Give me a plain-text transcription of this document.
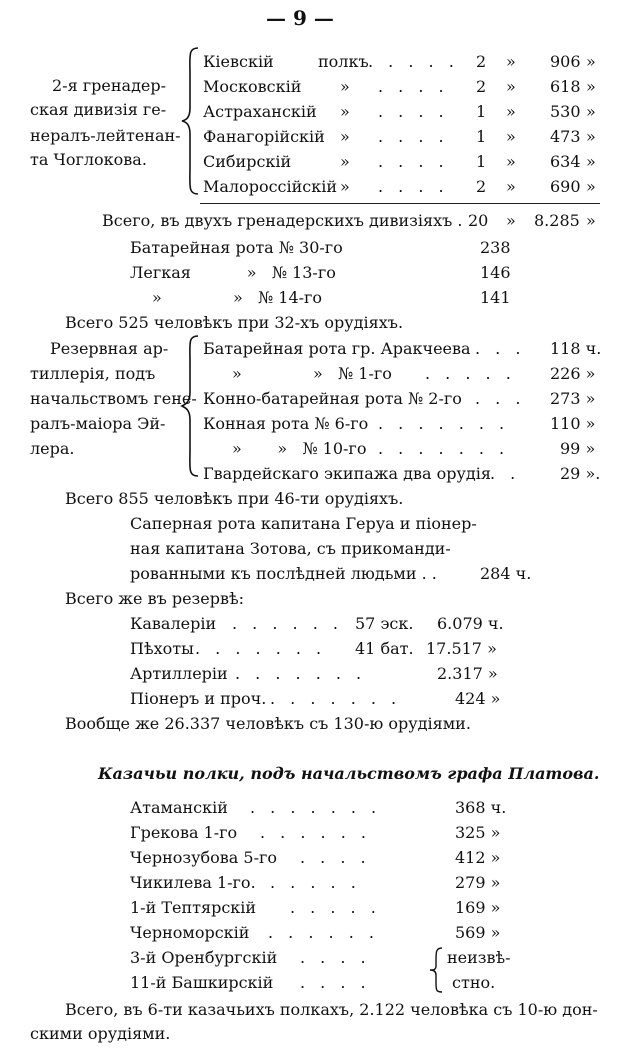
— 9 —
2-я гренадер-
ская дивизія ге-
нералъ-лейтенан-
та Чоглокова.
Кіевскій	полкъ . . . . . 2 » 906 »
Московскій » . . . . 2 » 618 »
Астраханскій » . . . . 1 » 530 »
Фанагорійскій » . . . . 1 » 473 »
Сибирскій	» . . . . 1 » 634 »
Малороссійскій » . . . . 2 » 690 »
Всего, въ двухъ гренадерскихъ дивизіяхъ . 20 » 8.285 »
Батарейная рота № 30-го	238
Легкая           »   № 13-го	146
»              »   № 14-го	141
Всего 525 человѣкъ при 32-хъ орудіяхъ.
Резервная ар-
тиллерія, подъ
начальствомъ гене-
ралъ-маіора Эй-
лера.
Батарейная рота гр. Аракчеева . . . 118 ч.
»              »   № 1-го . . . . . 226 »
Конно-батарейная рота № 2-го . . . 273 »
Конная рота № 6-го . . . . . . .	110 »
»       »   № 10-го . . . . . . .	99 »
Гвардейскаго экипажа два орудія . . 29 ».
Всего 855 человѣкъ при 46-ти орудіяхъ.
Саперная рота капитана Геруа и піонер-
ная капитана Зотова, съ прикоманди-
рованными къ послѣдней людьми . .	284 ч.
Всего же въ резервѣ:
Кавалеріи . . . . . . 57 эск. 6.079 ч.
Пѣхоты . . . . . . . 41 бат. 17.517 »
Артиллеріи . . . . . . .	2.317 »
Піонеръ и проч. . . . . . . .	424 »
Вообще же 26.337 человѣкъ съ 130-ю орудіями.
Казачьи полки, подъ начальствомъ графа Платова.
Атаманскій . . . . . . .	368 ч.
Грекова 1-го . . . . . .	325 »
Чернозубова 5-го . . . .	412 »
Чикилева 1-го. . . . . .	279 »
1-й Тептярскій . . . . .	169 »
Черноморскій . . . . . .	569 »
3-й Оренбургскій . . . .
11-й Башкирскій . . . .
неизвѣ-
стно.
Всего, въ 6-ти казачьихъ полкахъ, 2.122 человѣка съ 10-ю дон-
скими орудіями.
